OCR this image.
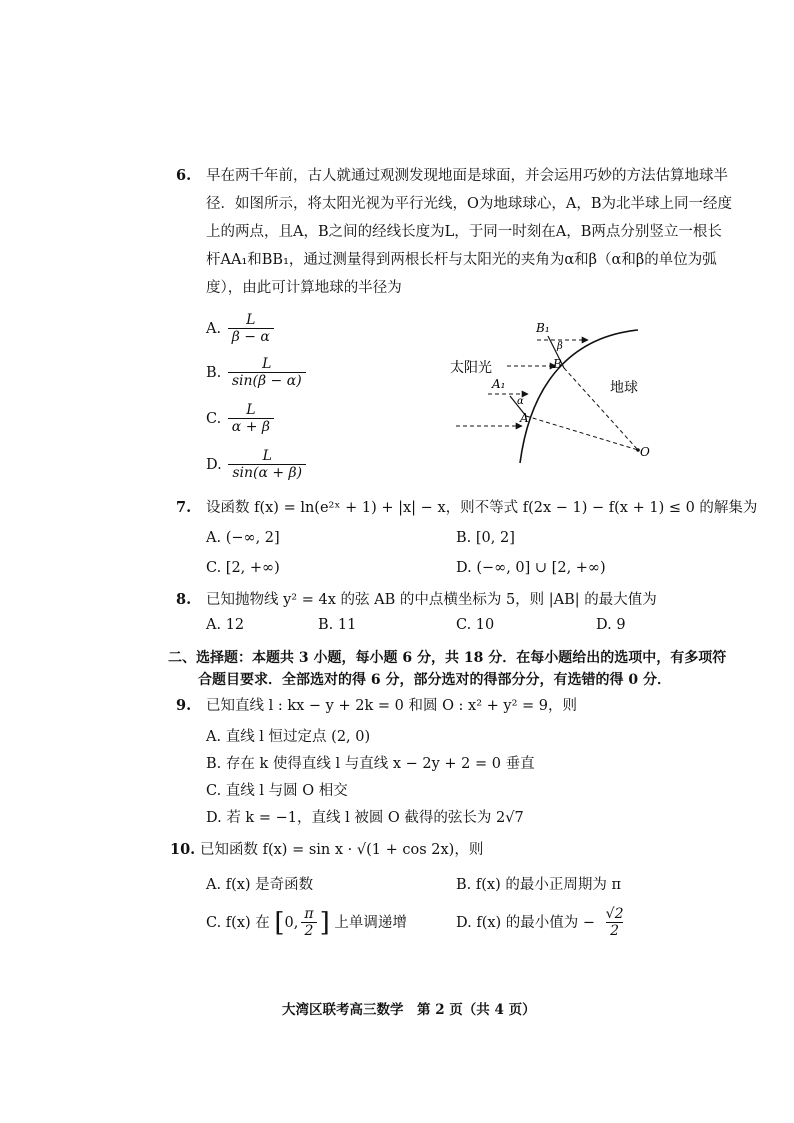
6. 早在两千年前，古人就通过观测发现地面是球面，并会运用巧妙的方法估算地球半
径．如图所示，将太阳光视为平行光线，O为地球球心，A，B为北半球上同一经度
上的两点，且A，B之间的经线长度为L，于同一时刻在A，B两点分别竖立一根长
杆AA₁和BB₁，通过测量得到两根长杆与太阳光的夹角为α和β（α和β的单位为弧
度），由此可计算地球的半径为
A. $\frac{L}{\beta - \alpha}$
B. $\frac{L}{\sin(\beta - \alpha)}$
C. $\frac{L}{\alpha + \beta}$
D. $\frac{L}{\sin(\alpha + \beta)}$
B₁
B
β
A₁
α
A
O
太阳光
地球
7. 设函数 f(x) = ln(e²ˣ + 1) + |x| − x，则不等式 f(2x − 1) − f(x + 1) ≤ 0 的解集为
A. (−∞, 2]	B. [0, 2]
C. [2, +∞)	D. (−∞, 0] ∪ [2, +∞)
8. 已知抛物线 y² = 4x 的弦 AB 的中点横坐标为 5，则 |AB| 的最大值为
A. 12	B. 11	C. 10	D. 9
二、选择题：本题共 3 小题，每小题 6 分，共 18 分．在每小题给出的选项中，有多项符
合题目要求．全部选对的得 6 分，部分选对的得部分分，有选错的得 0 分．
9. 已知直线 l : kx − y + 2k = 0 和圆 O : x² + y² = 9，则
A. 直线 l 恒过定点 (2, 0)
B. 存在 k 使得直线 l 与直线 x − 2y + 2 = 0 垂直
C. 直线 l 与圆 O 相交
D. 若 k = −1，直线 l 被圆 O 截得的弦长为 2√7
10. 已知函数 f(x) = sin x · √(1 + cos 2x)，则
A. f(x) 是奇函数	B. f(x) 的最小正周期为 π
C. f(x) 在 [0, $\frac{\pi}{2}$ ] 上单调递增	D. f(x) 的最小值为 − $\frac{√2}{2}$
大湾区联考高三数学　第 2 页（共 4 页）
